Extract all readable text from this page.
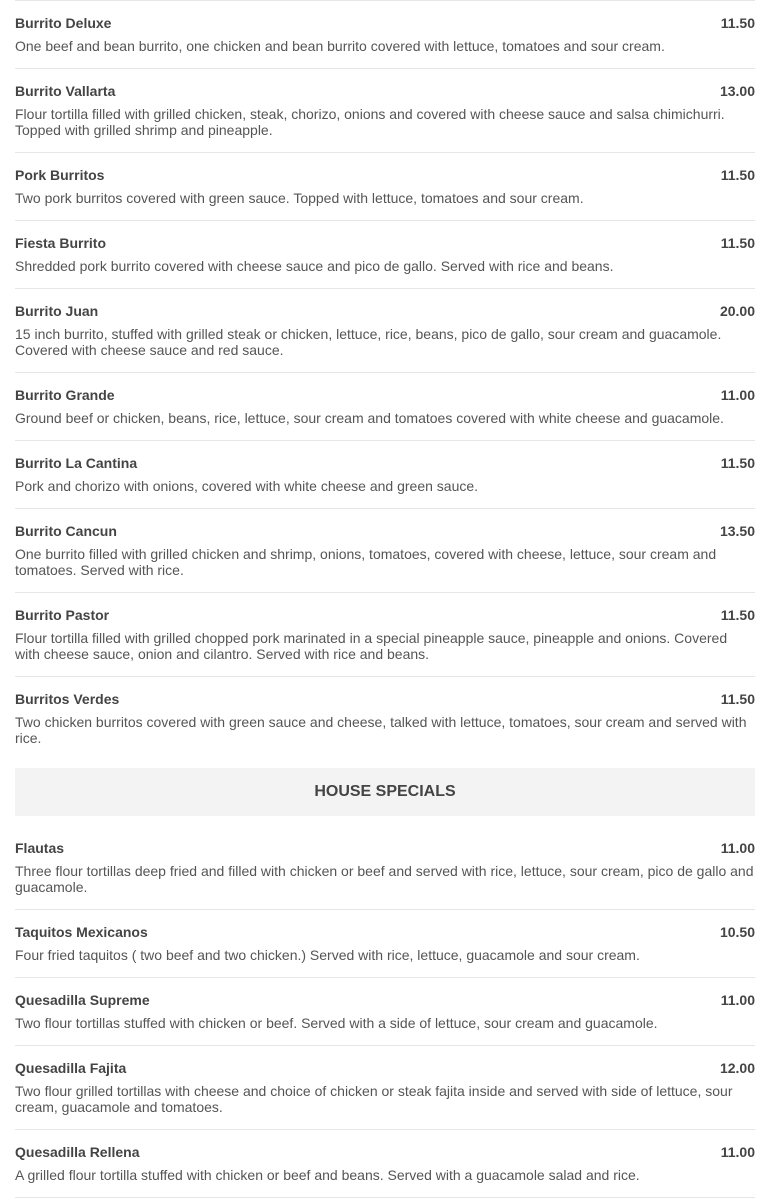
Burrito Deluxe	11.50
One beef and bean burrito, one chicken and bean burrito covered with lettuce, tomatoes and sour cream.
Burrito Vallarta	13.00
Flour tortilla filled with grilled chicken, steak, chorizo, onions and covered with cheese sauce and salsa chimichurri. Topped with grilled shrimp and pineapple.
Pork Burritos	11.50
Two pork burritos covered with green sauce. Topped with lettuce, tomatoes and sour cream.
Fiesta Burrito	11.50
Shredded pork burrito covered with cheese sauce and pico de gallo. Served with rice and beans.
Burrito Juan	20.00
15 inch burrito, stuffed with grilled steak or chicken, lettuce, rice, beans, pico de gallo, sour cream and guacamole. Covered with cheese sauce and red sauce.
Burrito Grande	11.00
Ground beef or chicken, beans, rice, lettuce, sour cream and tomatoes covered with white cheese and guacamole.
Burrito La Cantina	11.50
Pork and chorizo with onions, covered with white cheese and green sauce.
Burrito Cancun	13.50
One burrito filled with grilled chicken and shrimp, onions, tomatoes, covered with cheese, lettuce, sour cream and tomatoes. Served with rice.
Burrito Pastor	11.50
Flour tortilla filled with grilled chopped pork marinated in a special pineapple sauce, pineapple and onions. Covered with cheese sauce, onion and cilantro. Served with rice and beans.
Burritos Verdes	11.50
Two chicken burritos covered with green sauce and cheese, talked with lettuce, tomatoes, sour cream and served with rice.
HOUSE SPECIALS
Flautas	11.00
Three flour tortillas deep fried and filled with chicken or beef and served with rice, lettuce, sour cream, pico de gallo and guacamole.
Taquitos Mexicanos	10.50
Four fried taquitos ( two beef and two chicken.) Served with rice, lettuce, guacamole and sour cream.
Quesadilla Supreme	11.00
Two flour tortillas stuffed with chicken or beef. Served with a side of lettuce, sour cream and guacamole.
Quesadilla Fajita	12.00
Two flour grilled tortillas with cheese and choice of chicken or steak fajita inside and served with side of lettuce, sour cream, guacamole and tomatoes.
Quesadilla Rellena	11.00
A grilled flour tortilla stuffed with chicken or beef and beans. Served with a guacamole salad and rice.
